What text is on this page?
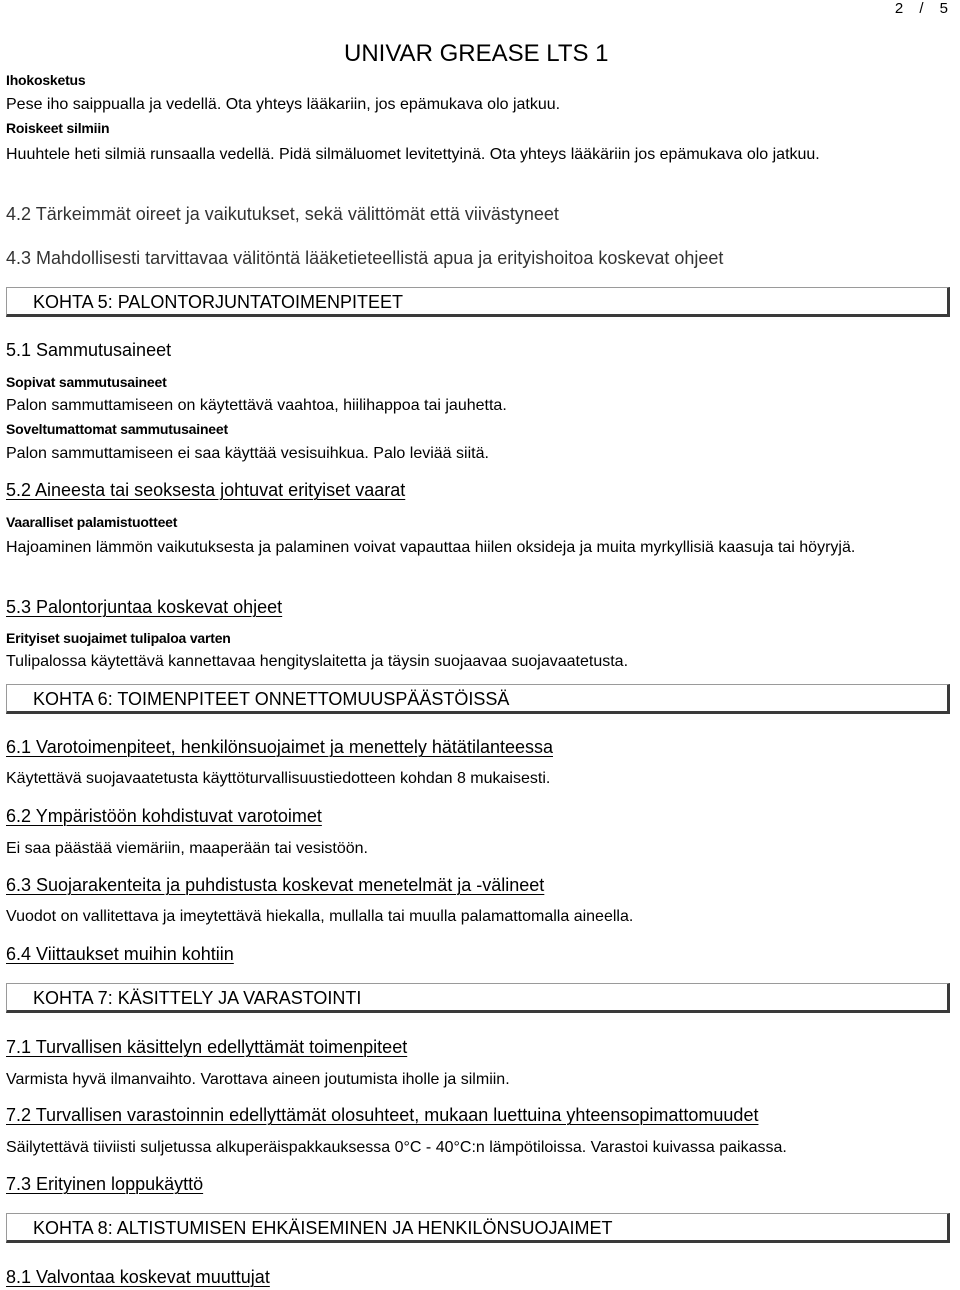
2 / 5
UNIVAR GREASE LTS 1
Ihokosketus
Pese iho saippualla ja vedellä. Ota yhteys lääkariin, jos epämukava olo jatkuu.
Roiskeet silmiin
Huuhtele heti silmiä runsaalla vedellä. Pidä silmäluomet levitettyinä. Ota yhteys lääkäriin jos epämukava olo jatkuu.
4.2 Tärkeimmät oireet ja vaikutukset, sekä välittömät että viivästyneet
4.3 Mahdollisesti tarvittavaa välitöntä lääketieteellistä apua ja erityishoitoa koskevat ohjeet
KOHTA 5: PALONTORJUNTATOIMENPITEET
5.1 Sammutusaineet
Sopivat sammutusaineet
Palon sammuttamiseen on käytettävä vaahtoa, hiilihappoa tai jauhetta.
Soveltumattomat sammutusaineet
Palon sammuttamiseen ei saa käyttää vesisuihkua. Palo leviää siitä.
5.2 Aineesta tai seoksesta johtuvat erityiset vaarat
Vaaralliset palamistuotteet
Hajoaminen lämmön vaikutuksesta ja palaminen voivat vapauttaa hiilen oksideja ja muita myrkyllisiä kaasuja tai höyryjä.
5.3 Palontorjuntaa koskevat ohjeet
Erityiset suojaimet tulipaloa varten
Tulipalossa käytettävä kannettavaa hengityslaitetta ja täysin suojaavaa suojavaatetusta.
KOHTA 6: TOIMENPITEET ONNETTOMUUSPÄÄSTÖISSÄ
6.1 Varotoimenpiteet, henkilönsuojaimet ja menettely hätätilanteessa
Käytettävä suojavaatetusta käyttöturvallisuustiedotteen kohdan 8 mukaisesti.
6.2 Ympäristöön kohdistuvat varotoimet
Ei saa päästää viemäriin, maaperään tai vesistöön.
6.3 Suojarakenteita ja puhdistusta koskevat menetelmät ja -välineet
Vuodot on vallitettava ja imeytettävä hiekalla, mullalla tai muulla palamattomalla aineella.
6.4 Viittaukset muihin kohtiin
KOHTA 7: KÄSITTELY JA VARASTOINTI
7.1 Turvallisen käsittelyn edellyttämät toimenpiteet
Varmista hyvä ilmanvaihto. Varottava aineen joutumista iholle ja silmiin.
7.2 Turvallisen varastoinnin edellyttämät olosuhteet, mukaan luettuina yhteensopimattomuudet
Säilytettävä tiiviisti suljetussa alkuperäispakkauksessa 0°C - 40°C:n lämpötiloissa. Varastoi kuivassa paikassa.
7.3 Erityinen loppukäyttö
KOHTA 8: ALTISTUMISEN EHKÄISEMINEN JA HENKILÖNSUOJAIMET
8.1 Valvontaa koskevat muuttujat
